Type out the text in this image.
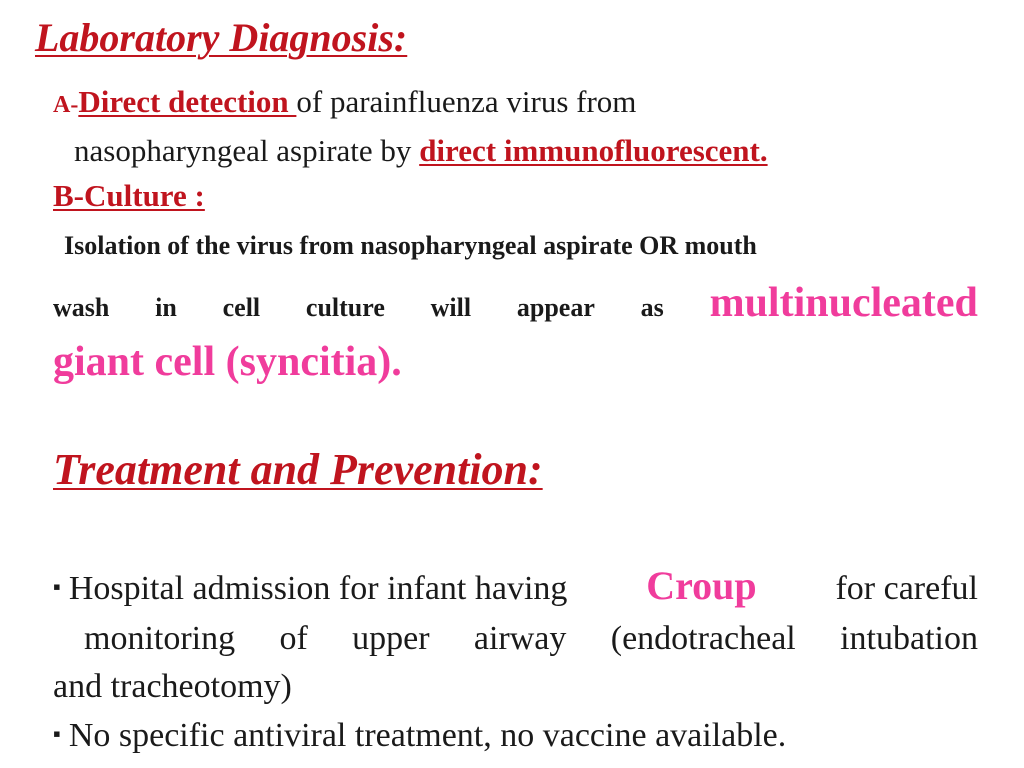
Laboratory Diagnosis:
A-Direct detection of parainfluenza virus from
nasopharyngeal aspirate by direct immunofluorescent.
B-Culture :
Isolation of the virus from nasopharyngeal aspirate OR mouth
wash in cell culture will appear as multinucleated
giant cell (syncitia).
Treatment and Prevention:
▪ Hospital admission for infant having Croup for careful
monitoring of upper airway (endotracheal intubation
and tracheotomy)
▪ No specific antiviral treatment, no vaccine available.
